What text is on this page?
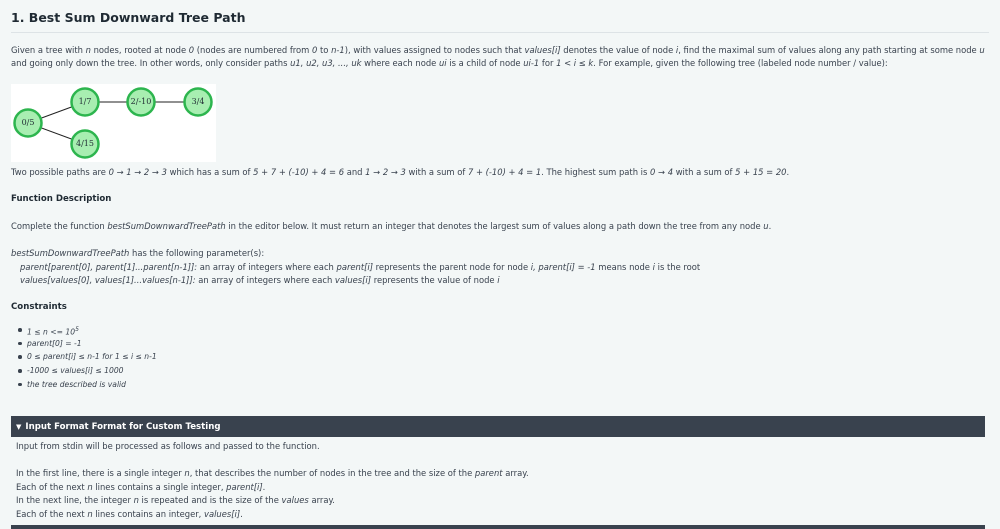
1. Best Sum Downward Tree Path
Given a tree with n nodes, rooted at node 0 (nodes are numbered from 0 to n-1), with values assigned to nodes such that values[i] denotes the value of node i, find the maximal sum of values along any path starting at some node u and going only down the tree. In other words, only consider paths u1, u2, u3, ..., uk where each node ui is a child of node ui-1 for 1 < i ≤ k. For example, given the following tree (labeled node number / value):
0/5
1/7	2/-10	3/4
4/15
Two possible paths are 0 → 1 → 2 → 3 which has a sum of 5 + 7 + (-10) + 4 = 6 and 1 → 2 → 3 with a sum of 7 + (-10) + 4 = 1. The highest sum path is 0 → 4 with a sum of 5 + 15 = 20.
Function Description
Complete the function bestSumDownwardTreePath in the editor below. It must return an integer that denotes the largest sum of values along a path down the tree from any node u.
bestSumDownwardTreePath has the following parameter(s):
parent[parent[0], parent[1]...parent[n-1]]: an array of integers where each parent[i] represents the parent node for node i, parent[i] = -1 means node i is the root
values[values[0], values[1]...values[n-1]]: an array of integers where each values[i] represents the value of node i
Constraints
$1 \le n <= 10^5$
parent[0] = -1
0 ≤ parent[i] ≤ n-1 for 1 ≤ i ≤ n-1
-1000 ≤ values[i] ≤ 1000
the tree described is valid
▼ Input Format Format for Custom Testing
Input from stdin will be processed as follows and passed to the function.
In the first line, there is a single integer n, that describes the number of nodes in the tree and the size of the parent array.
Each of the next n lines contains a single integer, parent[i].
In the next line, the integer n is repeated and is the size of the values array.
Each of the next n lines contains an integer, values[i].
